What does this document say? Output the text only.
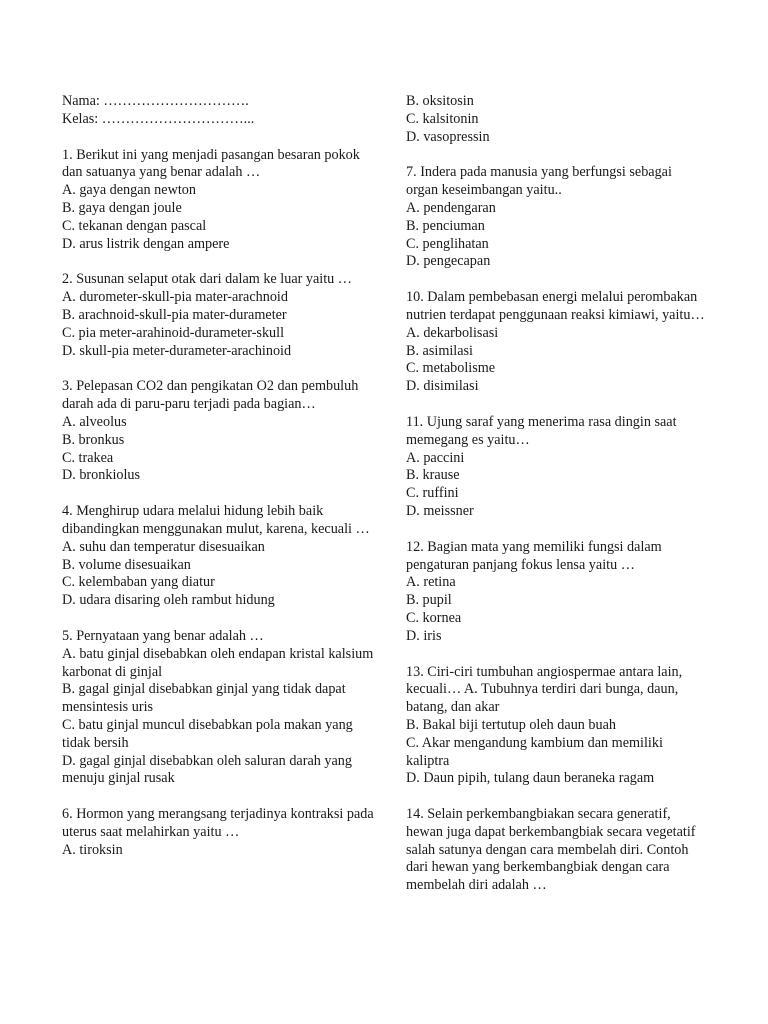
Nama: ………………………….
Kelas: …………………………...
1. Berikut ini yang menjadi pasangan besaran pokok dan satuanya yang benar adalah …
A. gaya dengan newton
B. gaya dengan joule
C. tekanan dengan pascal
D. arus listrik dengan ampere
2. Susunan selaput otak dari dalam ke luar yaitu …
A. durometer-skull-pia mater-arachnoid
B. arachnoid-skull-pia mater-durameter
C. pia meter-arahinoid-durameter-skull
D. skull-pia meter-durameter-arachinoid
3. Pelepasan CO2 dan pengikatan O2 dan pembuluh darah ada di paru-paru terjadi pada bagian…
A. alveolus
B. bronkus
C. trakea
D. bronkiolus
4. Menghirup udara melalui hidung lebih baik dibandingkan menggunakan mulut, karena, kecuali …
A. suhu dan temperatur disesuaikan
B. volume disesuaikan
C. kelembaban yang diatur
D. udara disaring oleh rambut hidung
5. Pernyataan yang benar adalah …
A. batu ginjal disebabkan oleh endapan kristal kalsium karbonat di ginjal
B. gagal ginjal disebabkan ginjal yang tidak dapat mensintesis uris
C. batu ginjal muncul disebabkan pola makan yang tidak bersih
D. gagal ginjal disebabkan oleh saluran darah yang menuju ginjal rusak
6. Hormon yang merangsang terjadinya kontraksi pada uterus saat melahirkan yaitu …
A. tiroksin
B. oksitosin
C. kalsitonin
D. vasopressin
7. Indera pada manusia yang berfungsi sebagai organ keseimbangan yaitu..
A. pendengaran
B. penciuman
C. penglihatan
D. pengecapan
10. Dalam pembebasan energi melalui perombakan nutrien terdapat penggunaan reaksi kimiawi, yaitu…
A. dekarbolisasi
B. asimilasi
C. metabolisme
D. disimilasi
11. Ujung saraf yang menerima rasa dingin saat memegang es yaitu…
A. paccini
B. krause
C. ruffini
D. meissner
12. Bagian mata yang memiliki fungsi dalam pengaturan panjang fokus lensa yaitu …
A. retina
B. pupil
C. kornea
D. iris
13. Ciri-ciri tumbuhan angiospermae antara lain, kecuali… A. Tubuhnya terdiri dari bunga, daun, batang, dan akar
B. Bakal biji tertutup oleh daun buah
C. Akar mengandung kambium dan memiliki kaliptra
D. Daun pipih, tulang daun beraneka ragam
14. Selain perkembangbiakan secara generatif, hewan juga dapat berkembangbiak secara vegetatif salah satunya dengan cara membelah diri. Contoh dari hewan yang berkembangbiak dengan cara membelah diri adalah …
